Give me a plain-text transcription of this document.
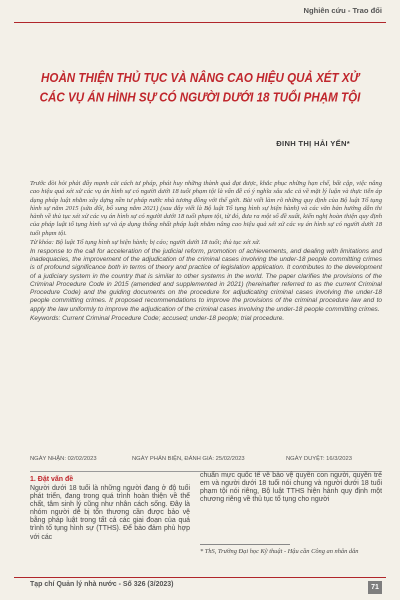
Nghiên cứu - Trao đổi
HOÀN THIỆN THỦ TỤC VÀ NÂNG CAO HIỆU QUẢ XÉT XỬ
CÁC VỤ ÁN HÌNH SỰ CÓ NGƯỜI DƯỚI 18 TUỔI PHẠM TỘI
ĐINH THỊ HẢI YẾN*

Trước đòi hỏi phải đẩy mạnh cải cách tư pháp, phát huy những thành quả đạt được, khắc phục những hạn chế, bất cập, việc nâng cao hiệu quả xét xử các vụ án hình sự có người dưới 18 tuổi phạm tội là vấn đề có ý nghĩa sâu sắc cả về mặt lý luận và thực tiễn áp dụng pháp luật nhằm xây dựng nền tư pháp nước nhà tương đồng với thế giới. Bài viết làm rõ những quy định của Bộ luật Tố tụng hình sự năm 2015 (sửa đổi, bổ sung năm 2021) (sau đây viết là Bộ luật Tố tụng hình sự hiện hành) và các văn bản hướng dẫn thi hành về thủ tục xét xử các vụ án hình sự có người dưới 18 tuổi phạm tội, từ đó, đưa ra một số đề xuất, kiến nghị hoàn thiện quy định của pháp luật tố tụng hình sự và áp dụng thống nhất pháp luật nhằm nâng cao hiệu quả xét xử các vụ án hình sự có người dưới 18 tuổi phạm tội.

Từ khóa: Bộ luật Tố tụng hình sự hiện hành; bị cáo; người dưới 18 tuổi; thủ tục xét xử.

In response to the call for acceleration of the judicial reform, promotion of achievements, and dealing with limitations and inadequacies, the improvement of the adjudication of the criminal cases involving the under-18 people committing crimes is of profound significance both in terms of theory and practice of legislation application. It contributes to the development of a judiciary system in the country that is similar to other systems in the world. The paper clarifies the provisions of the Criminal Procedure Code in 2015 (amended and supplemented in 2021) (hereinafter referred to as the current Criminal Procedure Code) and the guiding documents on the procedure for adjudicating criminal cases involving the under-18 people committing crimes. It proposed recommendations to improve the provisions of the criminal procedure law and to apply the law uniformly to improve the adjudication of the criminal cases involving the under-18 people committing crimes.

Keywords: Current Criminal Procedure Code; accused; under-18 people; trial procedure.

NGÀY NHẬN: 02/02/2023	NGÀY PHẢN BIỆN, ĐÁNH GIÁ: 25/02/2023	NGÀY DUYỆT: 16/3/2023
1. Đặt vấn đề
Người dưới 18 tuổi là những người đang ở độ tuổi phát triển, đang trong quá trình hoàn thiện về thể chất, tâm sinh lý cũng như nhân cách sống. Đây là nhóm người dễ bị tổn thương cần được bảo vệ bằng pháp luật trong tất cả các giai đoạn của quá trình tố tụng hình sự (TTHS). Để bảo đảm phù hợp với các
chuẩn mực quốc tế về bảo vệ quyền con người, quyền trẻ em và người dưới 18 tuổi nói chung và người dưới 18 tuổi phạm tội nói riêng, Bộ luật TTHS hiện hành quy định một chương riêng về thủ tục tố tụng cho người
* ThS, Trường Đại học Kỹ thuật - Hậu cần Công an nhân dân
Tạp chí Quản lý nhà nước - Số 326 (3/2023)	71
